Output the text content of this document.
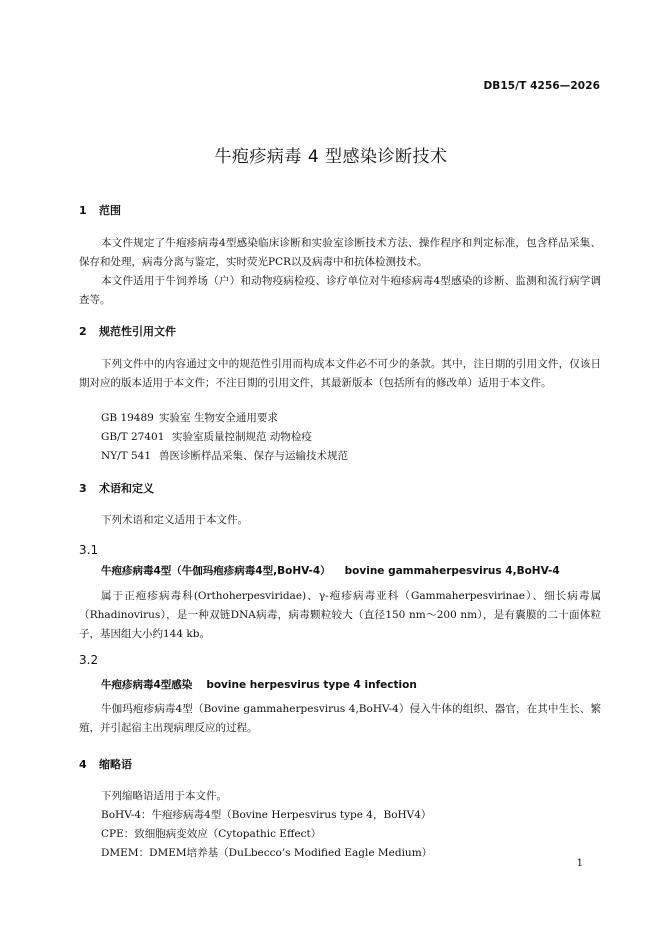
DB15/T 4256—2026
牛疱疹病毒 4 型感染诊断技术
1 范围
本文件规定了牛疱疹病毒4型感染临床诊断和实验室诊断技术方法、操作程序和判定标准，包含样品采集、保存和处理，病毒分离与鉴定，实时荧光PCR以及病毒中和抗体检测技术。
本文件适用于牛饲养场（户）和动物疫病检疫、诊疗单位对牛疱疹病毒4型感染的诊断、监测和流行病学调查等。
2 规范性引用文件
下列文件中的内容通过文中的规范性引用而构成本文件必不可少的条款。其中，注日期的引用文件，仅该日期对应的版本适用于本文件；不注日期的引用文件，其最新版本（包括所有的修改单）适用于本文件。
GB 19489 实验室 生物安全通用要求
GB/T 27401 实验室质量控制规范 动物检疫
NY/T 541 兽医诊断样品采集、保存与运输技术规范
3 术语和定义
下列术语和定义适用于本文件。
3.1
牛疱疹病毒4型（牛伽玛疱疹病毒4型,BoHV-4） bovine gammaherpesvirus 4,BoHV-4
属于正疱疹病毒科(Orthoherpesviridae)、γ-疱疹病毒亚科（Gammaherpesvirinae）、细长病毒属（Rhadinovirus），是一种双链DNA病毒，病毒颗粒较大（直径150 nm～200 nm），是有囊膜的二十面体粒子，基因组大小约144 kb。
3.2
牛疱疹病毒4型感染 bovine herpesvirus type 4 infection
牛伽玛疱疹病毒4型（Bovine gammaherpesvirus 4,BoHV-4）侵入牛体的组织、器官，在其中生长、繁殖，并引起宿主出现病理反应的过程。
4 缩略语
下列缩略语适用于本文件。
BoHV-4：牛疱疹病毒4型（Bovine Herpesvirus type 4，BoHV4）
CPE：致细胞病变效应（Cytopathic Effect）
DMEM：DMEM培养基（DuLbecco’s Modified Eagle Medium）
1
